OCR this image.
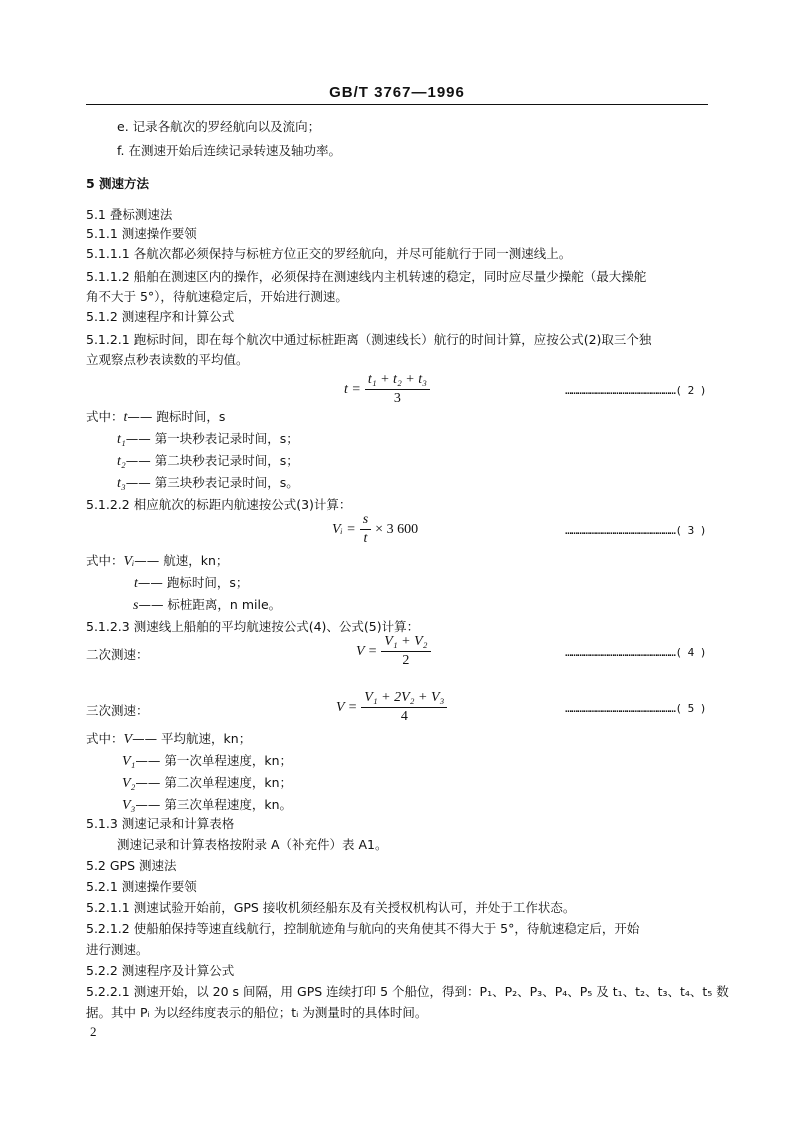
GB/T 3767—1996
e. 记录各航次的罗经航向以及流向；
f. 在测速开始后连续记录转速及轴功率。
5 测速方法
5.1 叠标测速法
5.1.1 测速操作要领
5.1.1.1 各航次都必须保持与标桩方位正交的罗经航向，并尽可能航行于同一测速线上。
5.1.1.2 船舶在测速区内的操作，必须保持在测速线内主机转速的稳定，同时应尽量少操舵（最大操舵
角不大于 5°），待航速稳定后，开始进行测速。
5.1.2 测速程序和计算公式
5.1.2.1 跑标时间，即在每个航次中通过标桩距离（测速线长）航行的时间计算，应按公式(2)取三个独
立观察点秒表读数的平均值。
$t = \frac{\text{t₁ + t₂ + t₃}}{3}$	………………………………………………( 2 )
式中：t—— 跑标时间，s
t₁—— 第一块秒表记录时间，s；
t₂—— 第二块秒表记录时间，s；
t₃—— 第三块秒表记录时间，s。
5.1.2.2 相应航次的标距内航速按公式(3)计算：
Vᵢ = $\frac{s}{t} \times 3$ 600	………………………………………………( 3 )
式中：Vᵢ—— 航速，kn；
t—— 跑标时间，s；
s—— 标桩距离，n mile。
5.1.2.3 测速线上船舶的平均航速按公式(4)、公式(5)计算：
二次测速：	$V = \frac{\text{V₁ + V₂}}{2}$	………………………………………………( 4 )
三次测速：	$V = \frac{\text{V₁ + 2V₂ + V₃}}{4}$	………………………………………………( 5 )
式中：V—— 平均航速，kn；
V₁—— 第一次单程速度，kn；
V₂—— 第二次单程速度，kn；
V₃—— 第三次单程速度，kn。
5.1.3 测速记录和计算表格
测速记录和计算表格按附录 A（补充件）表 A1。
5.2 GPS 测速法
5.2.1 测速操作要领
5.2.1.1 测速试验开始前，GPS 接收机须经船东及有关授权机构认可，并处于工作状态。
5.2.1.2 使船舶保持等速直线航行，控制航迹角与航向的夹角使其不得大于 5°，待航速稳定后，开始
进行测速。
5.2.2 测速程序及计算公式
5.2.2.1 测速开始，以 20 s 间隔，用 GPS 连续打印 5 个船位，得到：P₁、P₂、P₃、P₄、P₅ 及 t₁、t₂、t₃、t₄、t₅ 数
据。其中 Pᵢ 为以经纬度表示的船位；tᵢ 为测量时的具体时间。
2
